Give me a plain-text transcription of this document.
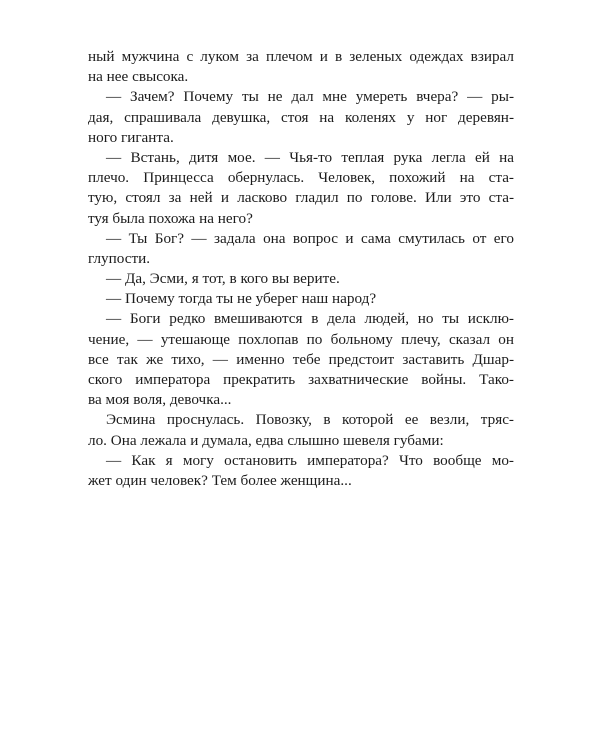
ный мужчина с луком за плечом и в зеленых одеждах взирал
на нее свысока.
— Зачем? Почему ты не дал мне умереть вчера? — ры-
дая, спрашивала девушка, стоя на коленях у ног деревян-
ного гиганта.
— Встань, дитя мое. — Чья-то теплая рука легла ей на
плечо. Принцесса обернулась. Человек, похожий на ста-
тую, стоял за ней и ласково гладил по голове. Или это ста-
туя была похожа на него?
— Ты Бог? — задала она вопрос и сама смутилась от его
глупости.
— Да, Эсми, я тот, в кого вы верите.
— Почему тогда ты не уберег наш народ?
— Боги редко вмешиваются в дела людей, но ты исклю-
чение, — утешающе похлопав по больному плечу, сказал он
все так же тихо, — именно тебе предстоит заставить Дшар-
ского императора прекратить захватнические войны. Тако-
ва моя воля, девочка...
Эсмина проснулась. Повозку, в которой ее везли, тряс-
ло. Она лежала и думала, едва слышно шевеля губами:
— Как я могу остановить императора? Что вообще мо-
жет один человек? Тем более женщина...
